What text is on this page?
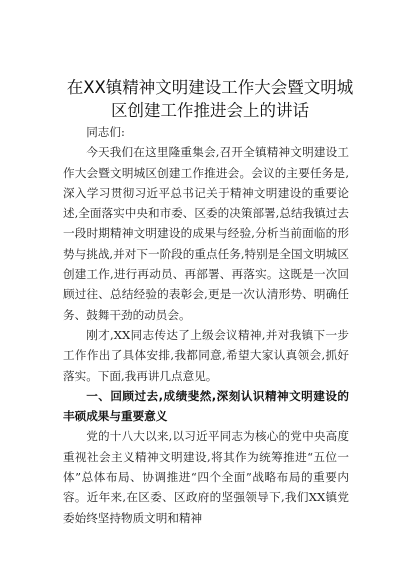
在XX镇精神文明建设工作大会暨文明城区创建工作推进会上的讲话

同志们:

今天我们在这里隆重集会,召开全镇精神文明建设工作大会暨文明城区创建工作推进会。会议的主要任务是,深入学习贯彻习近平总书记关于精神文明建设的重要论述,全面落实中央和市委、区委的决策部署,总结我镇过去一段时期精神文明建设的成果与经验,分析当前面临的形势与挑战,并对下一阶段的重点任务,特别是全国文明城区创建工作,进行再动员、再部署、再落实。这既是一次回顾过往、总结经验的表彰会,更是一次认清形势、明确任务、鼓舞干劲的动员会。

刚才,XX同志传达了上级会议精神,并对我镇下一步工作作出了具体安排,我都同意,希望大家认真领会,抓好落实。下面,我再讲几点意见。

一、回顾过去,成绩斐然,深刻认识精神文明建设的丰硕成果与重要意义

党的十八大以来,以习近平同志为核心的党中央高度重视社会主义精神文明建设,将其作为统筹推进“五位一体”总体布局、协调推进“四个全面”战略布局的重要内容。近年来,在区委、区政府的坚强领导下,我们XX镇党委始终坚持物质文明和精神
